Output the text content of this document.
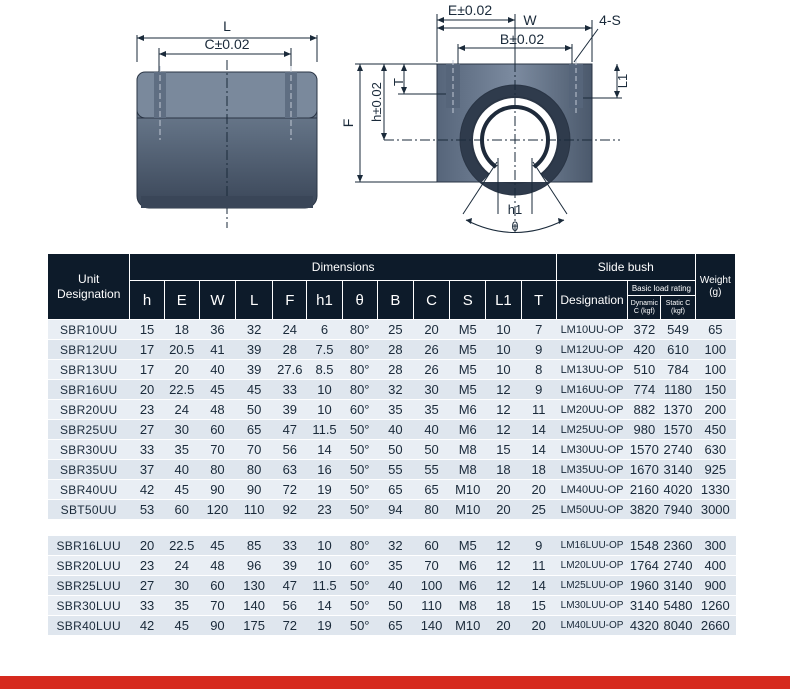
L
C±0.02
E±0.02
W	4-S
B±0.02
F
h±0.02
T	L1
h1
θ
Unit Designation	Dimensions												Slide bush			Weight (g)
	h	E	W	L	F	h1	θ	B	C	S	L1	T	Designation	Basic load rating		
														Dynamic C (kgf)	Static C (kgf)	
SBR10UU	15	18	36	32	24	6	80°	25	20	M5	10	7	LM10UU-OP	372	549	65
SBR12UU	17	20.5	41	39	28	7.5	80°	28	26	M5	10	9	LM12UU-OP	420	610	100
SBR13UU	17	20	40	39	27.6	8.5	80°	28	26	M5	10	8	LM13UU-OP	510	784	100
SBR16UU	20	22.5	45	45	33	10	80°	32	30	M5	12	9	LM16UU-OP	774	1180	150
SBR20UU	23	24	48	50	39	10	60°	35	35	M6	12	11	LM20UU-OP	882	1370	200
SBR25UU	27	30	60	65	47	11.5	50°	40	40	M6	12	14	LM25UU-OP	980	1570	450
SBR30UU	33	35	70	70	56	14	50°	50	50	M8	15	14	LM30UU-OP	1570	2740	630
SBR35UU	37	40	80	80	63	16	50°	55	55	M8	18	18	LM35UU-OP	1670	3140	925
SBR40UU	42	45	90	90	72	19	50°	65	65	M10	20	20	LM40UU-OP	2160	4020	1330
SBT50UU	53	60	120	110	92	23	50°	94	80	M10	20	25	LM50UU-OP	3820	7940	3000

SBR16LUU	20	22.5	45	85	33	10	80°	32	60	M5	12	9	LM16LUU-OP	1548	2360	300
SBR20LUU	23	24	48	96	39	10	60°	35	70	M6	12	11	LM20LUU-OP	1764	2740	400
SBR25LUU	27	30	60	130	47	11.5	50°	40	100	M6	12	14	LM25LUU-OP	1960	3140	900
SBR30LUU	33	35	70	140	56	14	50°	50	110	M8	18	15	LM30LUU-OP	3140	5480	1260
SBR40LUU	42	45	90	175	72	19	50°	65	140	M10	20	20	LM40LUU-OP	4320	8040	2660
